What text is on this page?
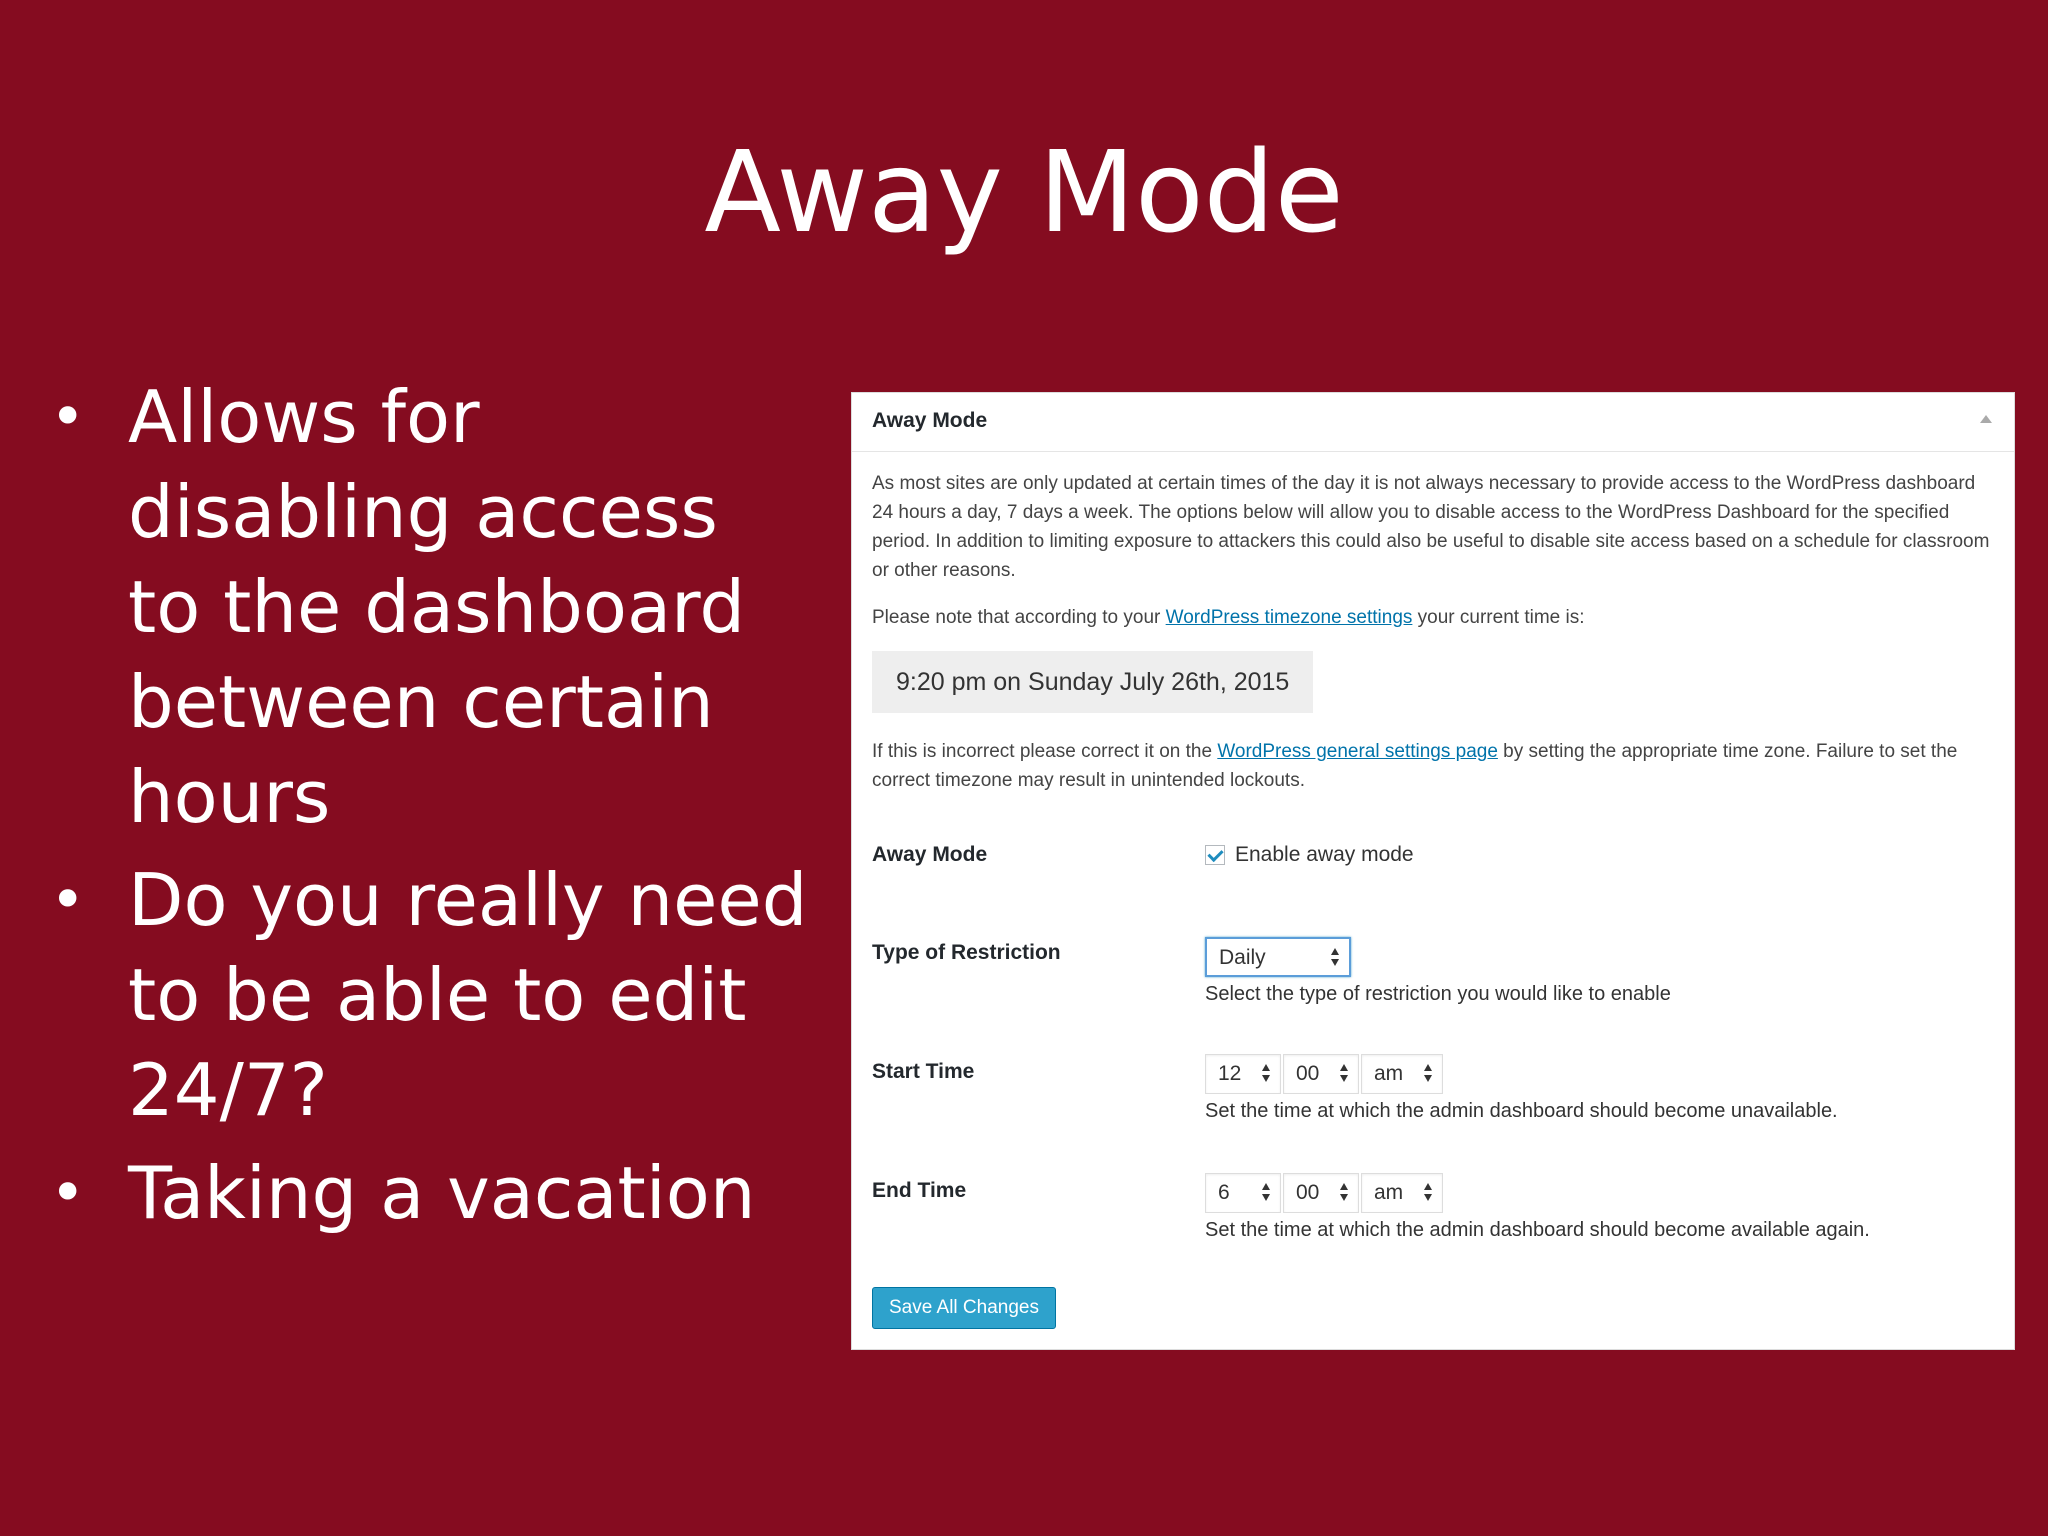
Away Mode
• Allows for disabling access to the dashboard between certain hours
• Do you really need to be able to edit 24/7?
• Taking a vacation
Away Mode

As most sites are only updated at certain times of the day it is not always necessary to provide access to the WordPress dashboard 24 hours a day, 7 days a week. The options below will allow you to disable access to the WordPress Dashboard for the specified period. In addition to limiting exposure to attackers this could also be useful to disable site access based on a schedule for classroom or other reasons.

Please note that according to your WordPress timezone settings your current time is:

9:20 pm on Sunday July 26th, 2015

If this is incorrect please correct it on the WordPress general settings page by setting the appropriate time zone. Failure to set the correct timezone may result in unintended lockouts.

Away Mode	Enable away mode
Type of Restriction	Daily
Select the type of restriction you would like to enable
Start Time	12	00	am
Set the time at which the admin dashboard should become unavailable.
End Time	6	00	am
Set the time at which the admin dashboard should become available again.
Save All Changes
